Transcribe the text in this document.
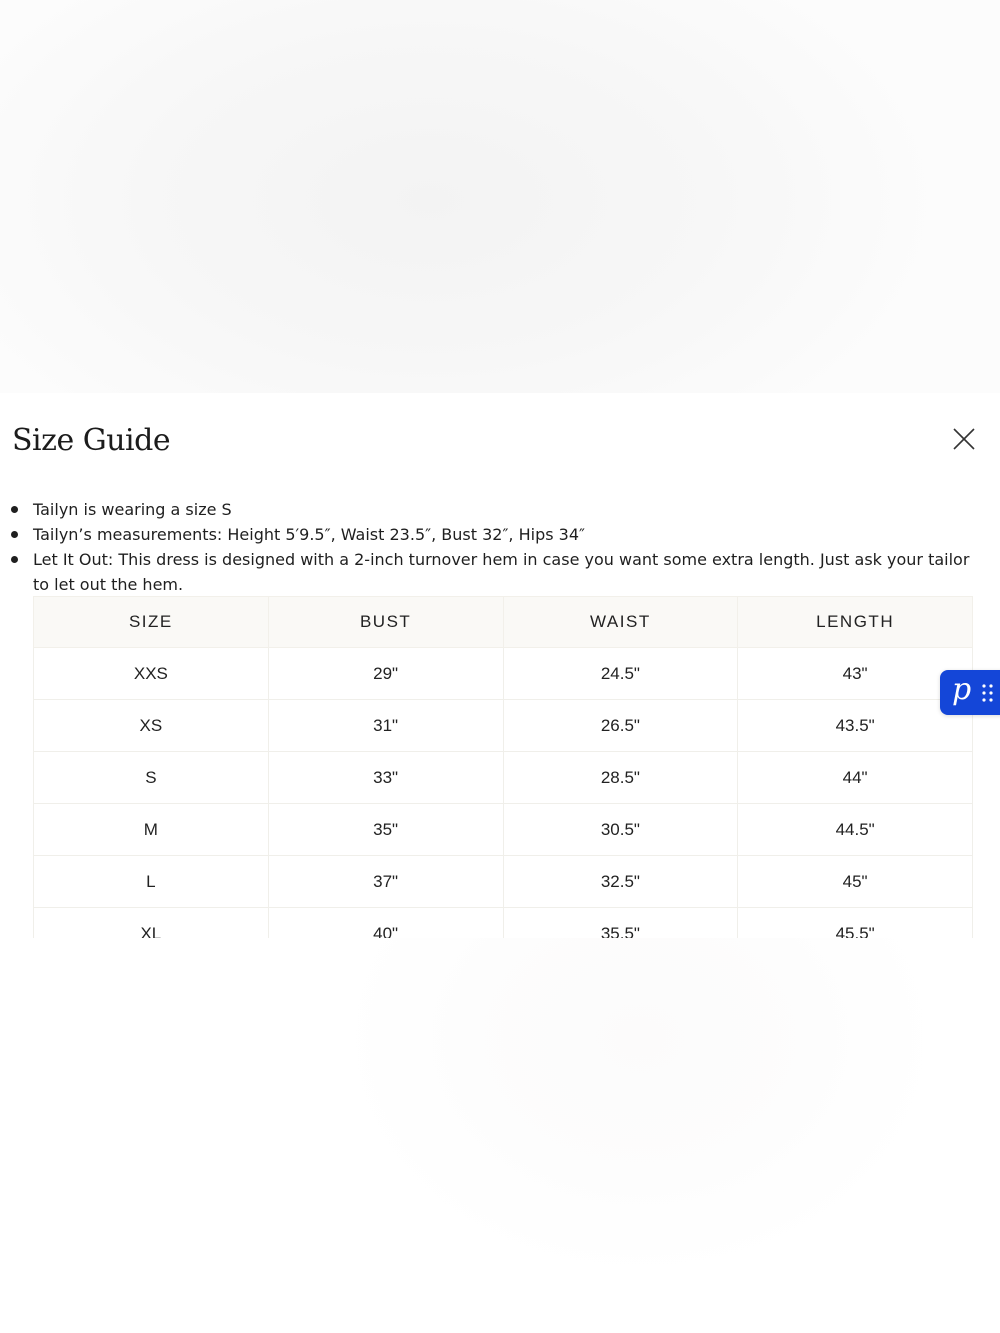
Size Guide
Tailyn is wearing a size S
Tailyn’s measurements: Height 5′9.5″, Waist 23.5″, Bust 32″, Hips 34″
Let It Out: This dress is designed with a 2-inch turnover hem in case you want some extra length. Just ask your tailor to let out the hem.
SIZE	BUST	WAIST	LENGTH
XXS	29"	24.5"	43"
XS	31"	26.5"	43.5"
S	33"	28.5"	44"
M	35"	30.5"	44.5"
L	37"	32.5"	45"
XL	40"	35.5"	45.5"
p
